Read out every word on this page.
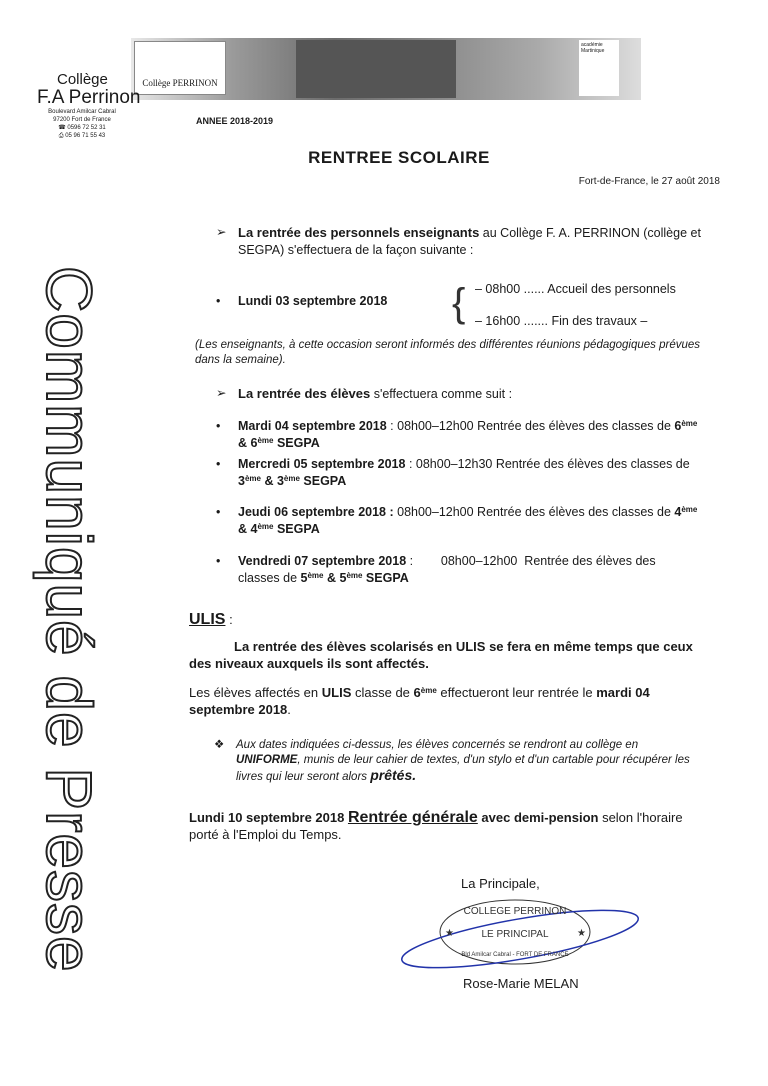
Collège PERRINON
académie Martinique
Collège
F.A Perrinon
Boulevard Amilcar Cabral
97200 Fort de France
☎ 0596 72 52 31
⎙ 05 96 71 55 43
ANNEE 2018-2019
RENTREE SCOLAIRE
Fort-de-France, le 27 août 2018
Communiqué de Presse
➢ La rentrée des personnels enseignants au Collège F. A. PERRINON (collège et SEGPA) s'effectuera de la façon suivante :
• Lundi 03 septembre 2018 { – 08h00 ...... Accueil des personnels
– 16h00 ....... Fin des travaux –
(Les enseignants, à cette occasion seront informés des différentes réunions pédagogiques prévues dans la semaine).
➢ La rentrée des élèves s'effectuera comme suit :
• Mardi 04 septembre 2018 : 08h00–12h00 Rentrée des élèves des classes de 6ème & 6ème SEGPA
• Mercredi 05 septembre 2018 : 08h00–12h30 Rentrée des élèves des classes de 3ème & 3ème SEGPA
• Jeudi 06 septembre 2018 : 08h00–12h00 Rentrée des élèves des classes de 4ème & 4ème SEGPA
• Vendredi 07 septembre 2018 :        08h00–12h00  Rentrée des élèves des classes de 5ème & 5ème SEGPA
ULIS :
La rentrée des élèves scolarisés en ULIS se fera en même temps que ceux des niveaux auxquels ils sont affectés.
Les élèves affectés en ULIS classe de 6ème effectueront leur rentrée le mardi 04 septembre 2018.
❖ Aux dates indiquées ci-dessus, les élèves concernés se rendront au collège en UNIFORME, munis de leur cahier de textes, d'un stylo et d'un cartable pour récupérer les livres qui leur seront alors prêtés.
Lundi 10 septembre 2018 Rentrée générale avec demi-pension selon l'horaire porté à l'Emploi du Temps.
La Principale,
COLLEGE PERRINON
LE PRINCIPAL
Bld Amilcar Cabral - FORT DE FRANCE
★	★
Rose-Marie MELAN
